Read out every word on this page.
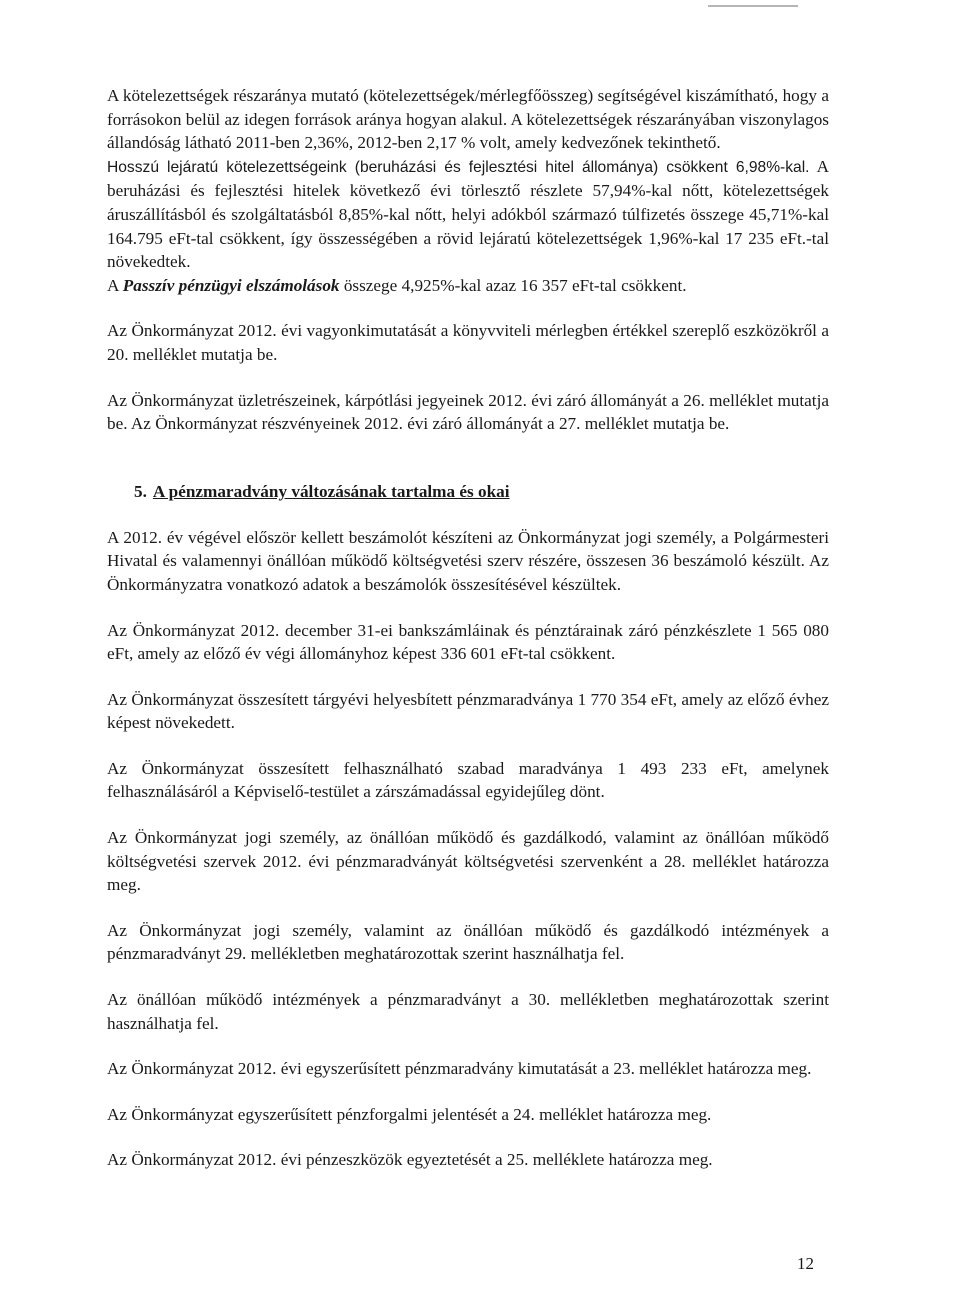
A kötelezettségek részaránya mutató (kötelezettségek/mérlegfőösszeg) segítségével kiszámítható, hogy a forrásokon belül az idegen források aránya hogyan alakul. A kötelezettségek részarányában viszonylagos állandóság látható 2011-ben 2,36%, 2012-ben 2,17 % volt, amely kedvezőnek tekinthető.
Hosszú lejáratú kötelezettségeink (beruházási és fejlesztési hitel állománya) csökkent 6,98%-kal. A beruházási és fejlesztési hitelek következő évi törlesztő részlete 57,94%-kal nőtt, kötelezettségek áruszállításból és szolgáltatásból 8,85%-kal nőtt, helyi adókból származó túlfizetés összege 45,71%-kal 164.795 eFt-tal csökkent, így összességében a rövid lejáratú kötelezettségek 1,96%-kal 17 235 eFt.-tal növekedtek.
A Passzív pénzügyi elszámolások összege 4,925%-kal azaz 16 357 eFt-tal csökkent.

Az Önkormányzat 2012. évi vagyonkimutatását a könyvviteli mérlegben értékkel szereplő eszközökről a 20. melléklet mutatja be.

Az Önkormányzat üzletrészeinek, kárpótlási jegyeinek 2012. évi záró állományát a 26. melléklet mutatja be. Az Önkormányzat részvényeinek 2012. évi záró állományát a 27. melléklet mutatja be.

5. A pénzmaradvány változásának tartalma és okai

A 2012. év végével először kellett beszámolót készíteni az Önkormányzat jogi személy, a Polgármesteri Hivatal és valamennyi önállóan működő költségvetési szerv részére, összesen 36 beszámoló készült. Az Önkormányzatra vonatkozó adatok a beszámolók összesítésével készültek.

Az Önkormányzat 2012. december 31-ei bankszámláinak és pénztárainak záró pénzkészlete 1 565 080 eFt, amely az előző év végi állományhoz képest 336 601 eFt-tal csökkent.

Az Önkormányzat összesített tárgyévi helyesbített pénzmaradványa 1 770 354 eFt, amely az előző évhez képest növekedett.

Az Önkormányzat összesített felhasználható szabad maradványa 1 493 233 eFt, amelynek felhasználásáról a Képviselő-testület a zárszámadással egyidejűleg dönt.

Az Önkormányzat jogi személy, az önállóan működő és gazdálkodó, valamint az önállóan működő költségvetési szervek 2012. évi pénzmaradványát költségvetési szervenként a 28. melléklet határozza meg.

Az Önkormányzat jogi személy, valamint az önállóan működő és gazdálkodó intézmények a pénzmaradványt 29. mellékletben meghatározottak szerint használhatja fel.

Az önállóan működő intézmények a pénzmaradványt a 30. mellékletben meghatározottak szerint használhatja fel.

Az Önkormányzat 2012. évi egyszerűsített pénzmaradvány kimutatását a 23. melléklet határozza meg.

Az Önkormányzat egyszerűsített pénzforgalmi jelentését a 24. melléklet határozza meg.

Az Önkormányzat 2012. évi pénzeszközök egyeztetését a 25. melléklete határozza meg.

12
